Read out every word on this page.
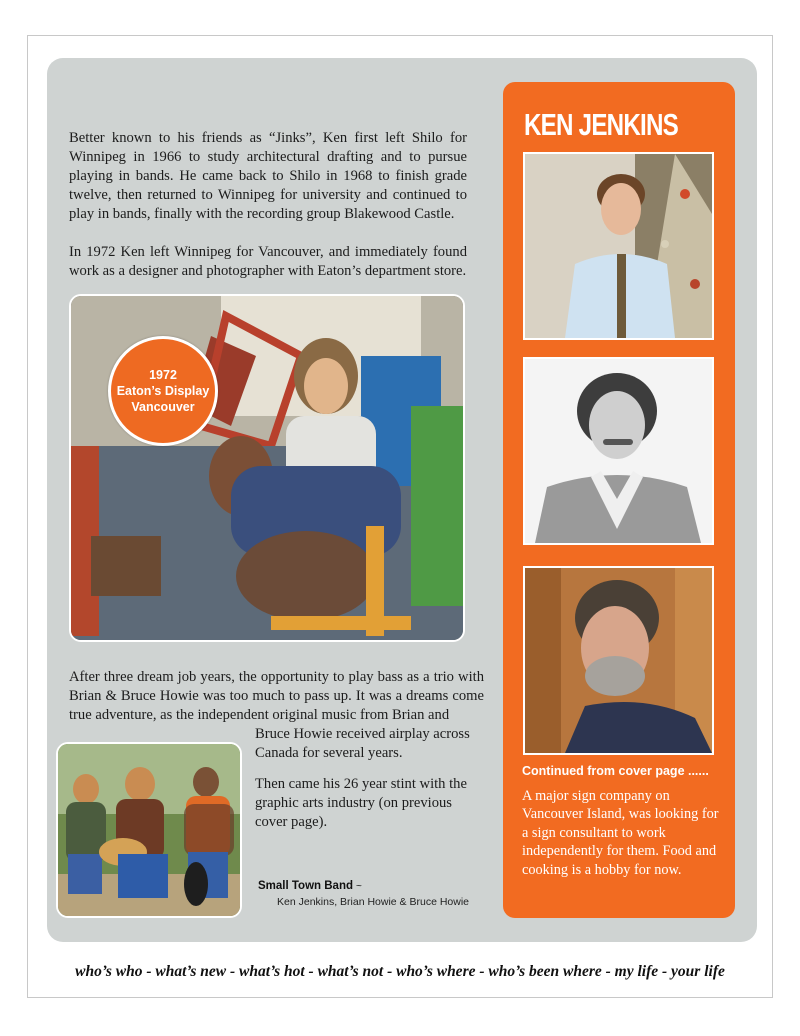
Better known to his friends as “Jinks”, Ken first left Shilo for Winnipeg in 1966 to study architectural drafting and to pursue playing in bands. He came back to Shilo in 1968 to finish grade twelve, then returned to Winnipeg for university and continued to play in bands, finally with the recording group Blakewood Castle.

In 1972 Ken left Winnipeg for Vancouver, and immediately found work as a designer and photographer with Eaton’s department store.

1972
Eaton’s Display
Vancouver

After three dream job years, the opportunity to play bass as a trio with Brian & Bruce Howie was too much to pass up. It was a dreams come true adventure, as the independent original music from Brian and

Bruce Howie received airplay across Canada for several years.

Then came his 26 year stint with the graphic arts industry (on previous cover page).

Small Town Band ~
Ken Jenkins, Brian Howie & Bruce Howie
KEN JENKINS
Continued from cover page ......
A major sign company on Vancouver Island, was looking for a sign consultant to work independently for them. Food and cooking is a hobby for now.
who’s who - what’s new - what’s hot - what’s not - who’s where - who’s been where - my life - your life
